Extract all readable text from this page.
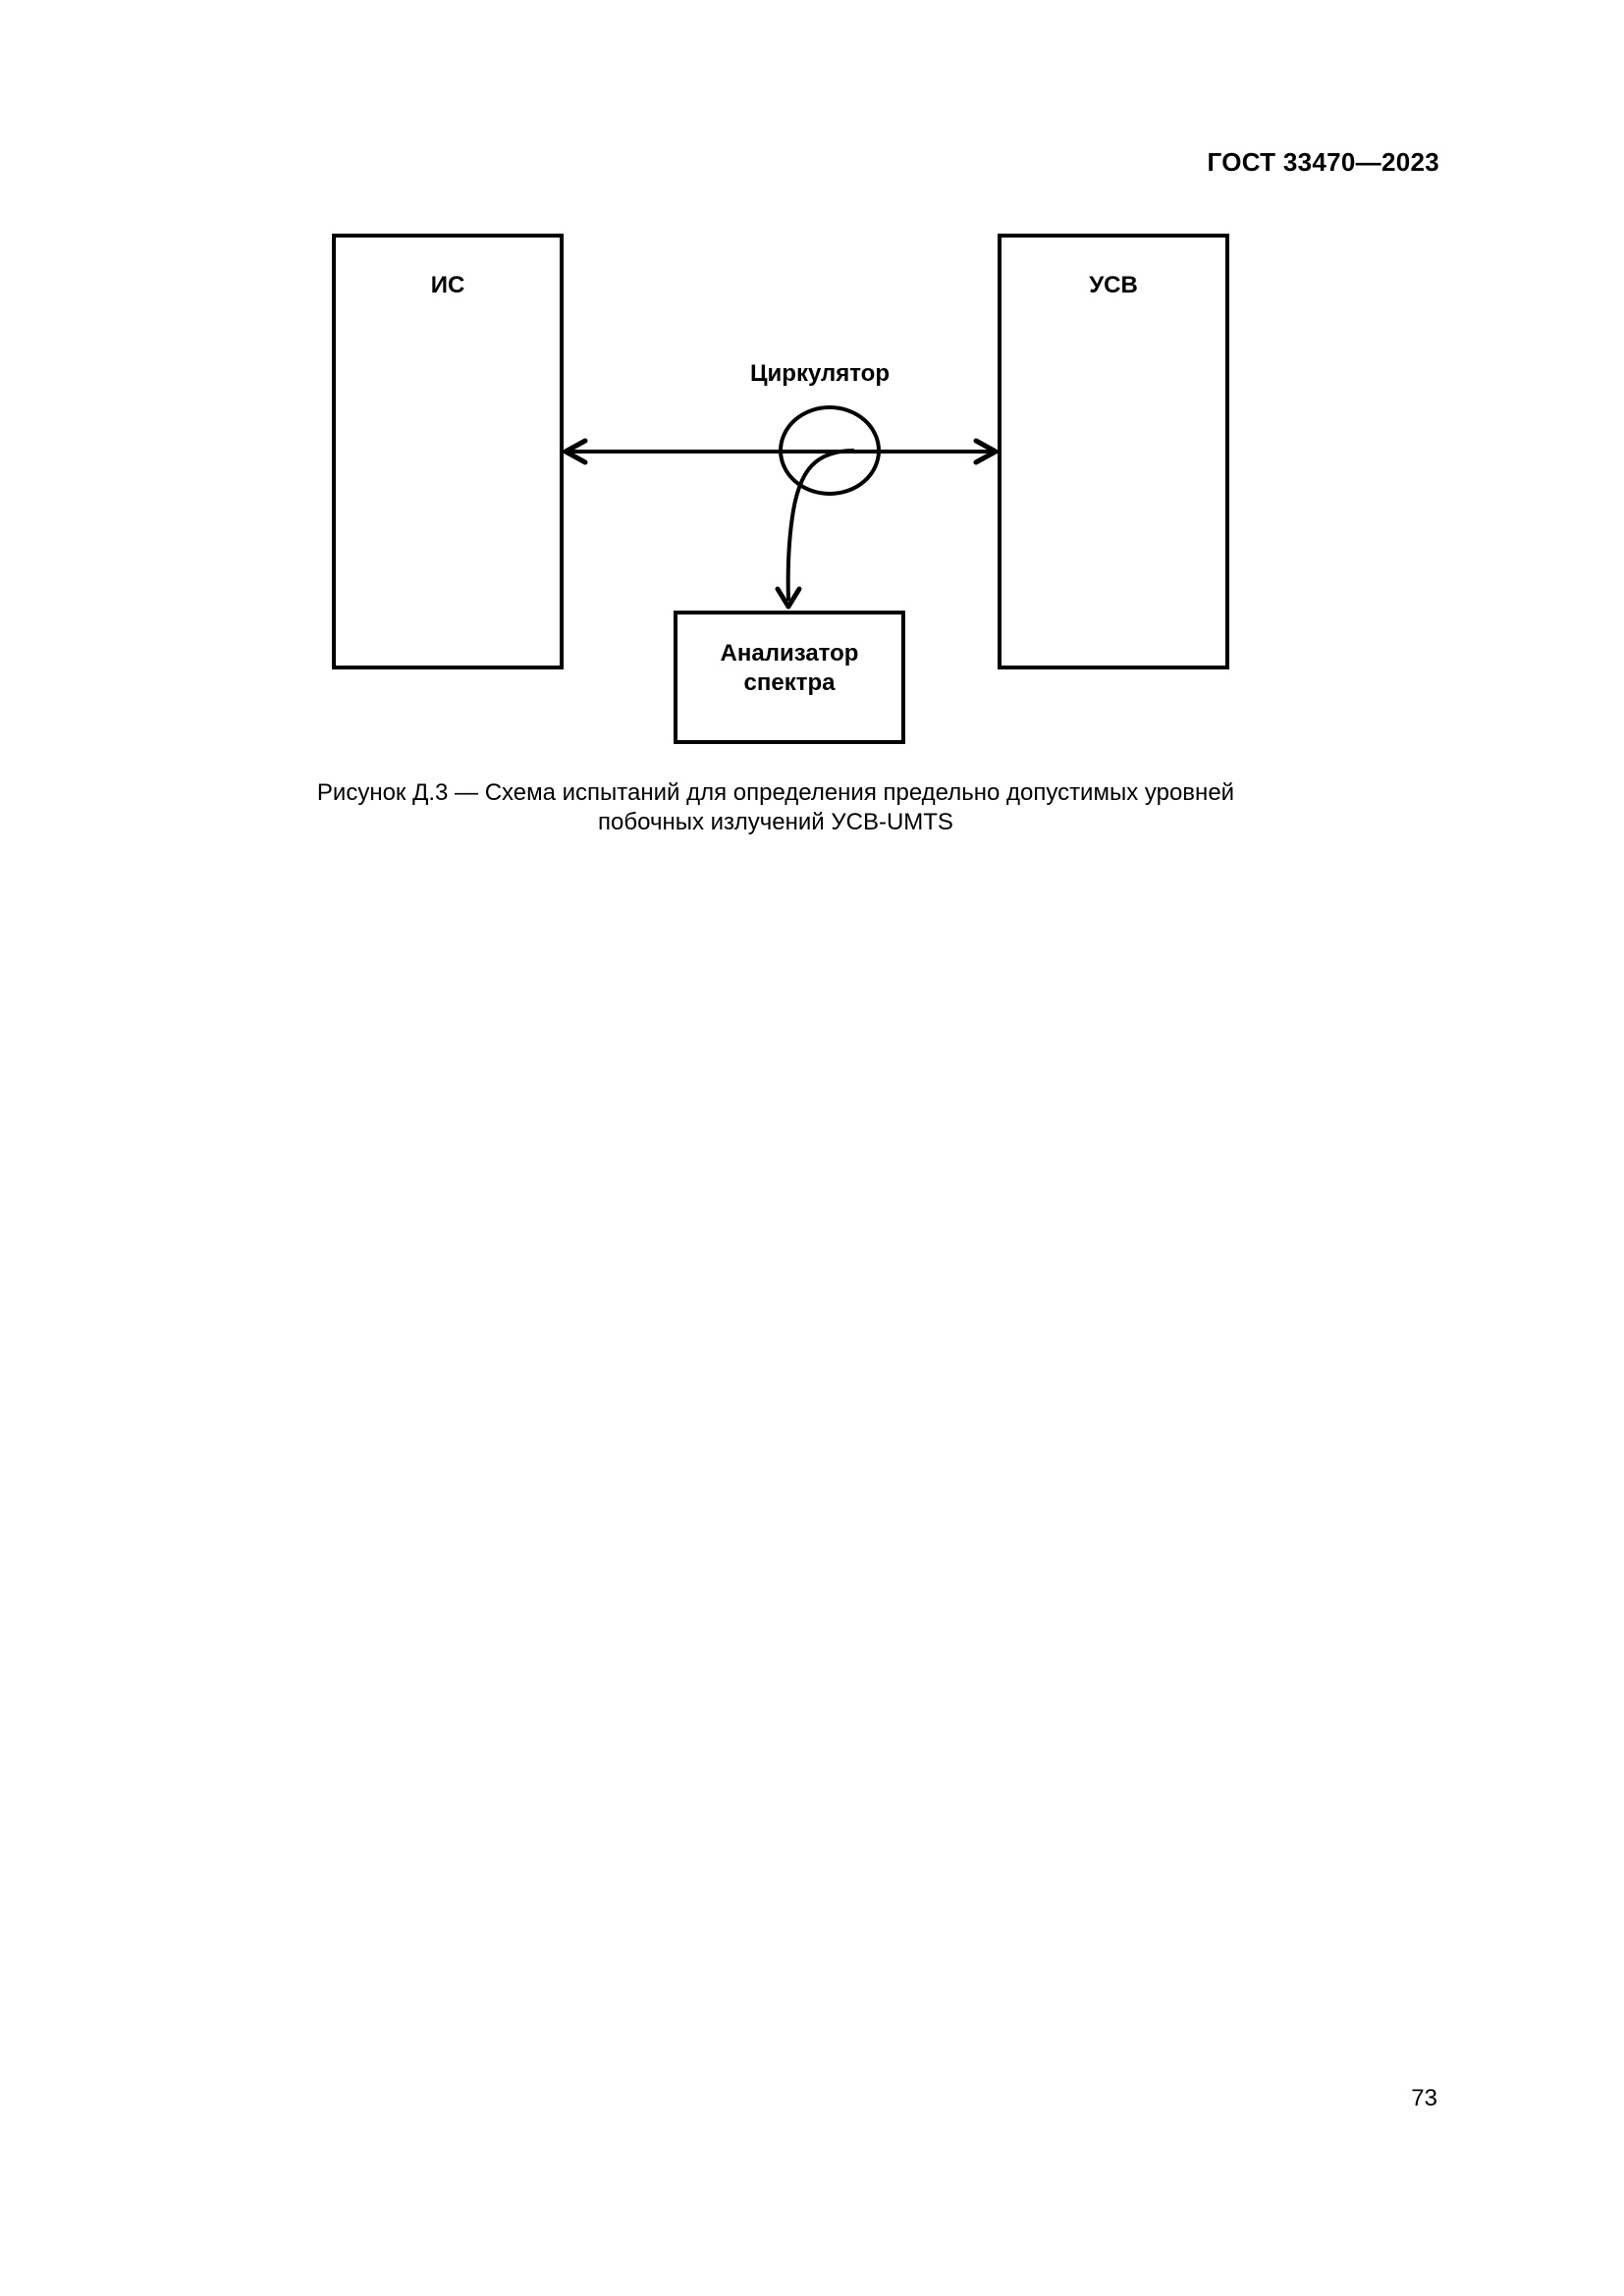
ГОСТ 33470—2023
ИС	УСВ
Циркулятор
Анализатор
спектра
Рисунок Д.3 — Схема испытаний для определения предельно допустимых уровней
побочных излучений УСВ-UMTS
73
